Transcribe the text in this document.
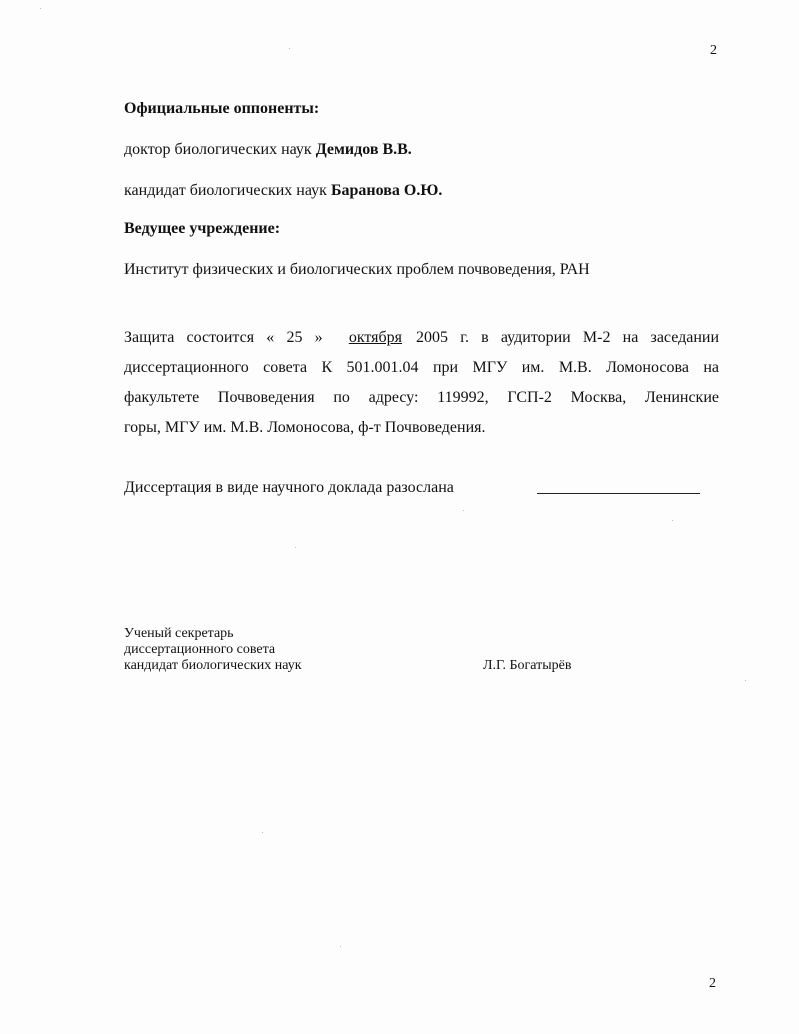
2
Официальные оппоненты:
доктор биологических наук Демидов В.В.
кандидат биологических наук Баранова О.Ю.
Ведущее учреждение:
Институт физических и биологических проблем почвоведения, РАН
Защита состоится « 25 » октября 2005 г. в аудитории М-2 на заседании
диссертационного совета К 501.001.04 при МГУ им. М.В. Ломоносова на
факультете Почвоведения по адресу: 119992, ГСП-2 Москва, Ленинские
горы, МГУ им. М.В. Ломоносова, ф-т Почвоведения.
Диссертация в виде научного доклада разослана
Ученый секретарь
диссертационного совета
кандидат биологических наук	Л.Г. Богатырёв
2
